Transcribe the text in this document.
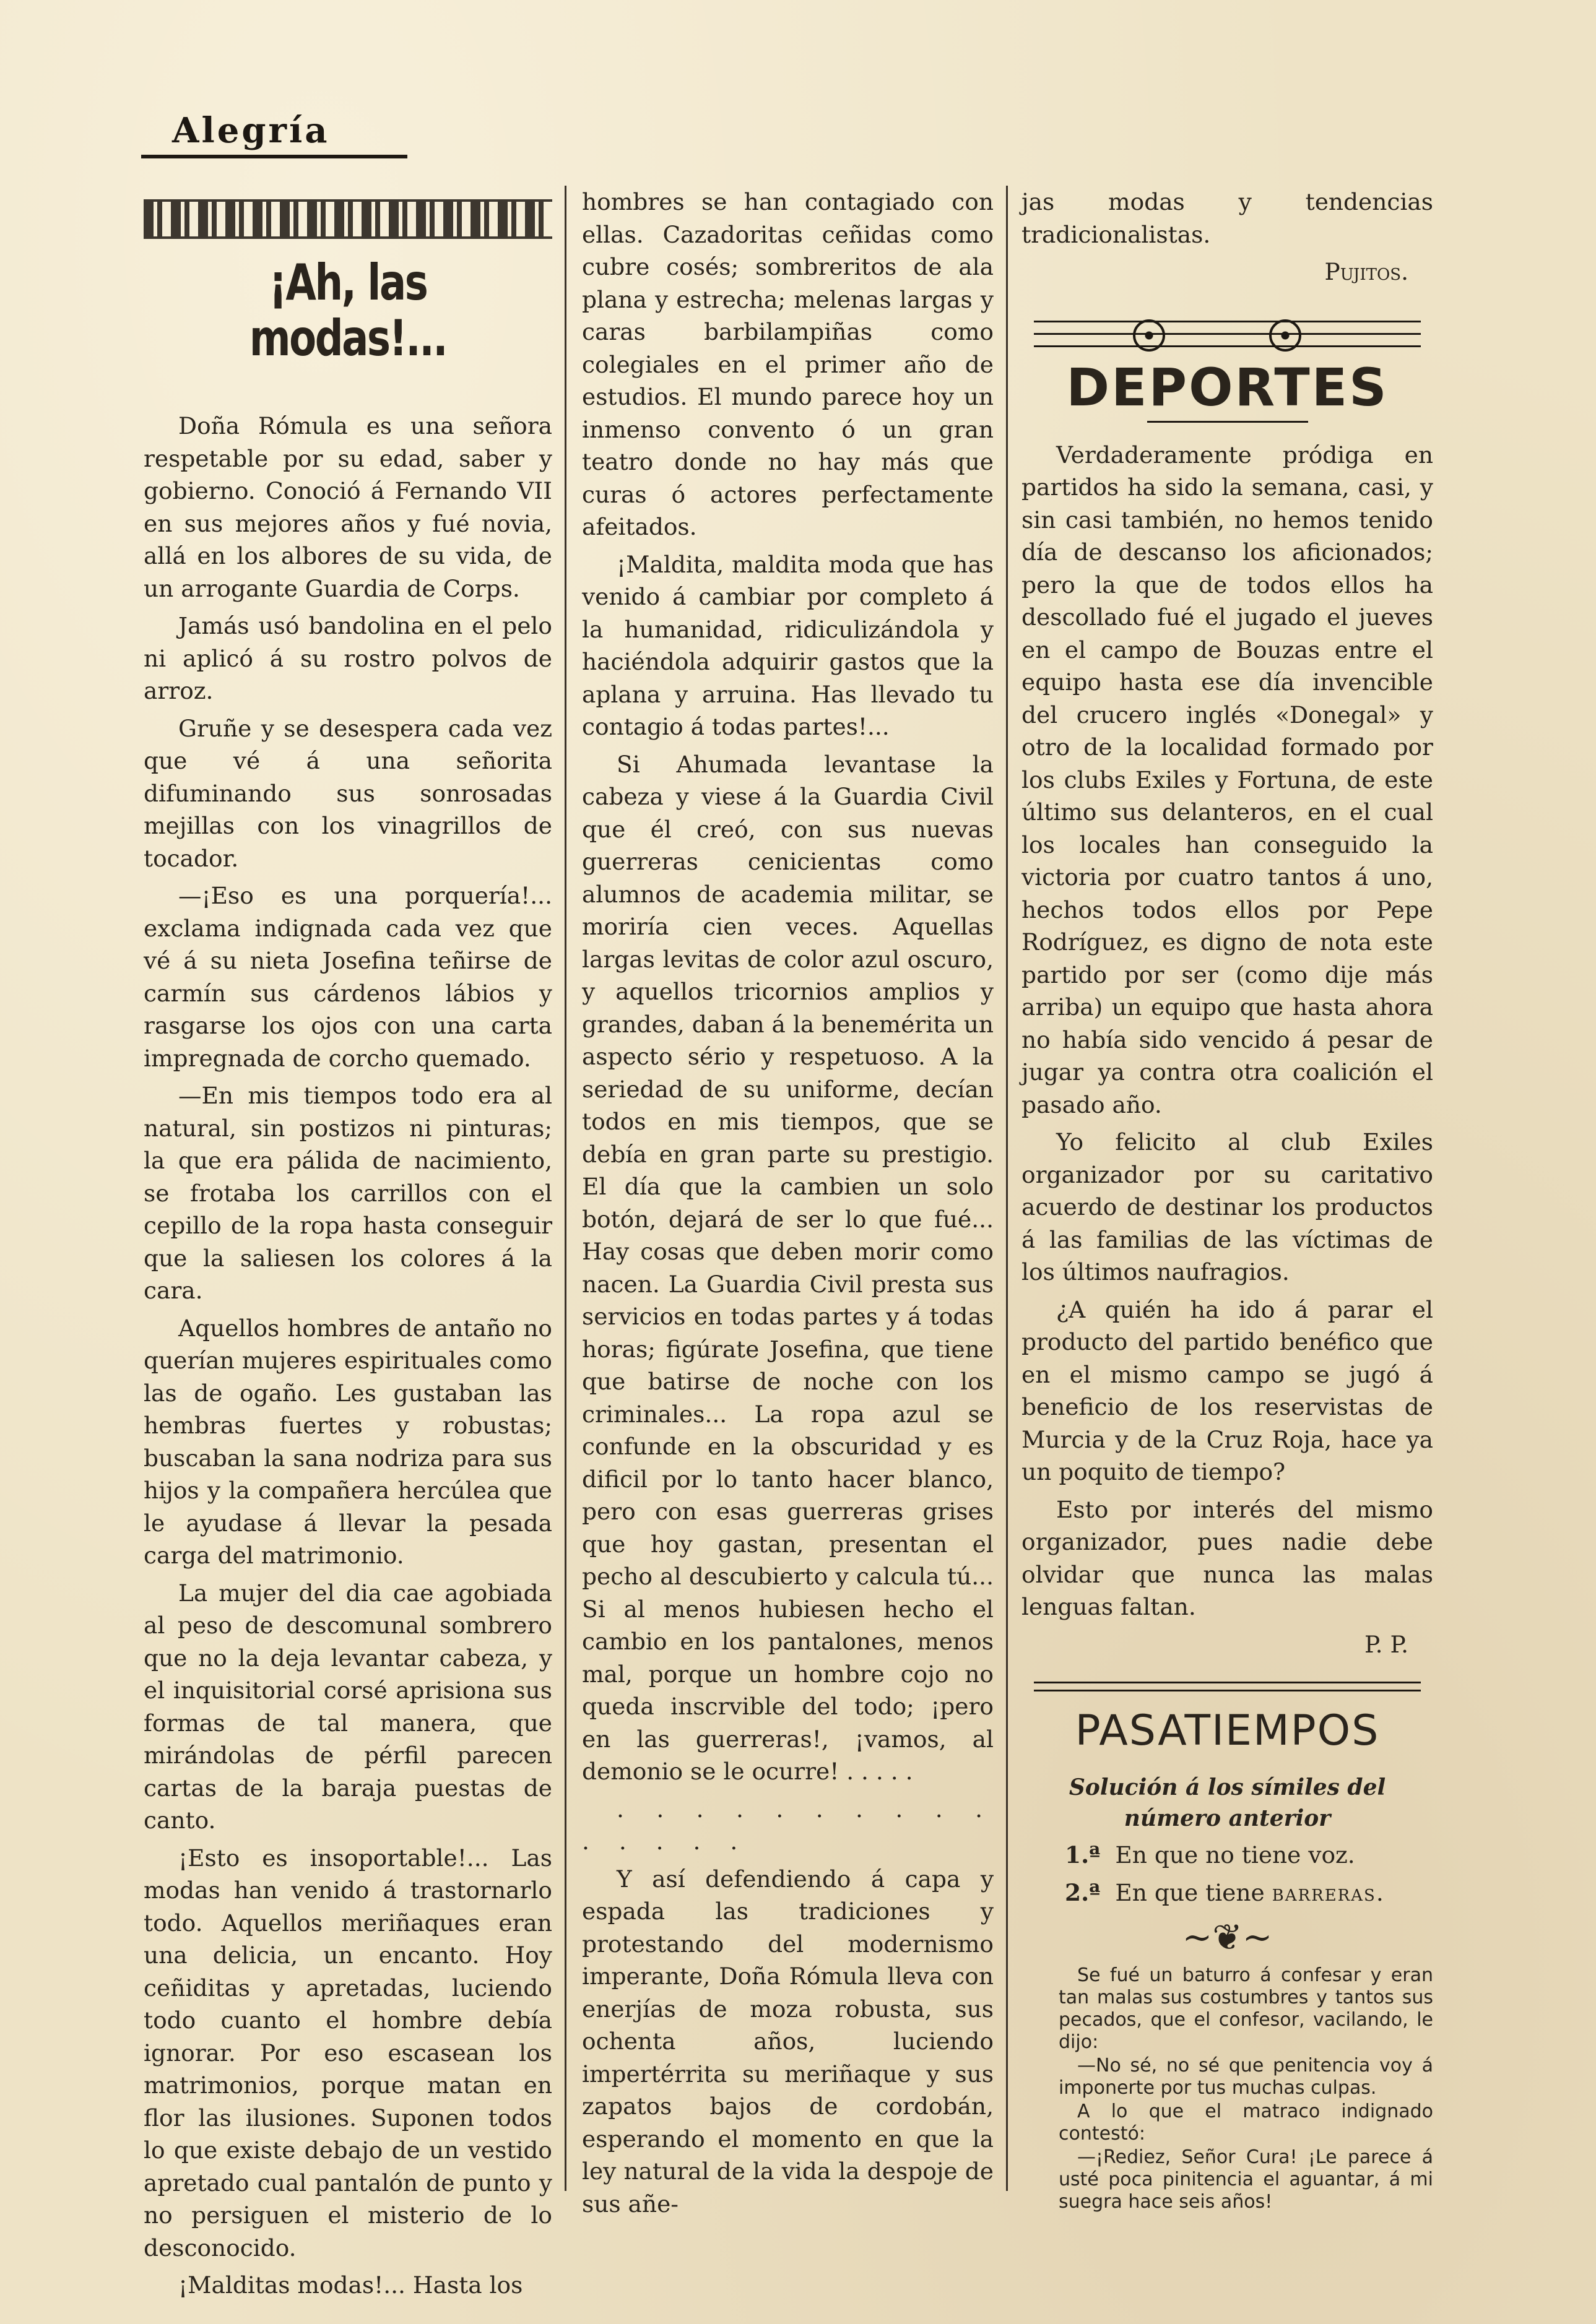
Alegría
¡Ah, las modas!...

Doña Rómula es una señora respetable por su edad, saber y gobierno. Conoció á Fernando VII en sus mejores años y fué novia, allá en los albores de su vida, de un arrogante Guardia de Corps.

Jamás usó bandolina en el pelo ni aplicó á su rostro polvos de arroz.

Gruñe y se desespera cada vez que vé á una señorita difuminando sus sonrosadas mejillas con los vinagrillos de tocador.

—¡Eso es una porquería!... exclama indignada cada vez que vé á su nieta Josefina teñirse de carmín sus cárdenos lábios y rasgarse los ojos con una carta impregnada de corcho quemado.

—En mis tiempos todo era al natural, sin postizos ni pinturas; la que era pálida de nacimiento, se frotaba los carrillos con el cepillo de la ropa hasta conseguir que la saliesen los colores á la cara.

Aquellos hombres de antaño no querían mujeres espirituales como las de ogaño. Les gustaban las hembras fuertes y robustas; buscaban la sana nodriza para sus hijos y la compañera hercúlea que le ayudase á llevar la pesada carga del matrimonio.

La mujer del dia cae agobiada al peso de descomunal sombrero que no la deja levantar cabeza, y el inquisitorial corsé aprisiona sus formas de tal manera, que mirándolas de pérfil parecen cartas de la baraja puestas de canto.

¡Esto es insoportable!... Las modas han venido á trastornarlo todo. Aquellos meriñaques eran una delicia, un encanto. Hoy ceñiditas y apretadas, luciendo todo cuanto el hombre debía ignorar. Por eso escasean los matrimonios, porque matan en flor las ilusiones. Suponen todos lo que existe debajo de un vestido apretado cual pantalón de punto y no persiguen el misterio de lo desconocido.

¡Malditas modas!... Hasta los

hombres se han contagiado con ellas. Cazadoritas ceñidas como cubre cosés; sombreritos de ala plana y estrecha; melenas largas y caras barbilampiñas como colegiales en el primer año de estudios. El mundo parece hoy un inmenso convento ó un gran teatro donde no hay más que curas ó actores perfectamente afeitados.

¡Maldita, maldita moda que has venido á cambiar por completo á la humanidad, ridiculizándola y haciéndola adquirir gastos que la aplana y arruina. Has llevado tu contagio á todas partes!...

Si Ahumada levantase la cabeza y viese á la Guardia Civil que él creó, con sus nuevas guerreras cenicientas como alumnos de academia militar, se moriría cien veces. Aquellas largas levitas de color azul oscuro, y aquellos tricornios amplios y grandes, daban á la benemérita un aspecto sério y respetuoso. A la seriedad de su uniforme, decían todos en mis tiempos, que se debía en gran parte su prestigio. El día que la cambien un solo botón, dejará de ser lo que fué... Hay cosas que deben morir como nacen. La Guardia Civil presta sus servicios en todas partes y á todas horas; figúrate Josefina, que tiene que batirse de noche con los criminales... La ropa azul se confunde en la obscuridad y es dificil por lo tanto hacer blanco, pero con esas guerreras grises que hoy gastan, presentan el pecho al descubierto y calcula tú... Si al menos hubiesen hecho el cambio en los pantalones, menos mal, porque un hombre cojo no queda inscrvible del todo; ¡pero en las guerreras!, ¡vamos, al demonio se le ocurre! . . . . .

. . . . . . . . . . . . . . .

Y así defendiendo á capa y espada las tradiciones y protestando del modernismo imperante, Doña Rómula lleva con enerjías de moza robusta, sus ochenta años, luciendo impertérrita su meriñaque y sus zapatos bajos de cordobán, esperando el momento en que la ley natural de la vida la despoje de sus añe-

jas modas y tendencias tradicionalistas.

Pujitos.
DEPORTES

Verdaderamente pródiga en partidos ha sido la semana, casi, y sin casi también, no hemos tenido día de descanso los aficionados; pero la que de todos ellos ha descollado fué el jugado el jueves en el campo de Bouzas entre el equipo hasta ese día invencible del crucero inglés «Donegal» y otro de la localidad formado por los clubs Exiles y Fortuna, de este último sus delanteros, en el cual los locales han conseguido la victoria por cuatro tantos á uno, hechos todos ellos por Pepe Rodríguez, es digno de nota este partido por ser (como dije más arriba) un equipo que hasta ahora no había sido vencido á pesar de jugar ya contra otra coalición el pasado año.

Yo felicito al club Exiles organizador por su caritativo acuerdo de destinar los productos á las familias de las víctimas de los últimos naufragios.

¿A quién ha ido á parar el producto del partido benéfico que en el mismo campo se jugó á beneficio de los reservistas de Murcia y de la Cruz Roja, hace ya un poquito de tiempo?

Esto por interés del mismo organizador, pues nadie debe olvidar que nunca las malas lenguas faltan.

P. P.
PASATIEMPOS
Solución á los símiles del número anterior

1.ª En que no tiene voz.

2.ª En que tiene barreras.

~❦~

Se fué un baturro á confesar y eran tan malas sus costumbres y tantos sus pecados, que el confesor, vacilando, le dijo:

—No sé, no sé que penitencia voy á imponerte por tus muchas culpas.

A lo que el matraco indignado contestó:

—¡Rediez, Señor Cura! ¡Le parece á usté poca pinitencia el aguantar, á mi suegra hace seis años!
